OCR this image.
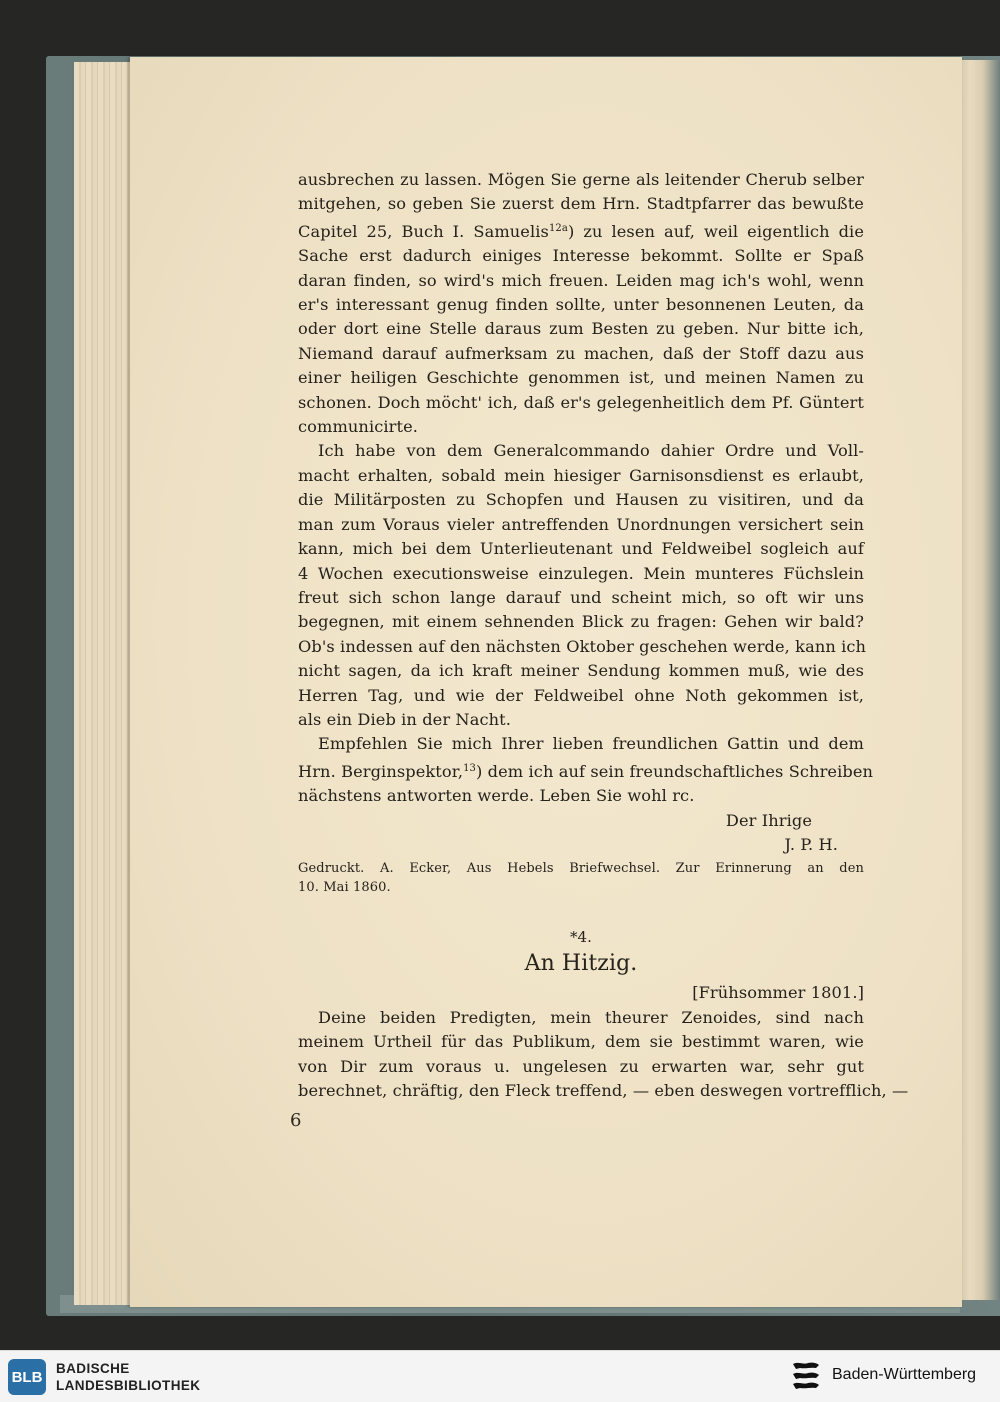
ausbrechen zu lassen. Mögen Sie gerne als leitender Cherub selber
mitgehen, so geben Sie zuerst dem Hrn. Stadtpfarrer das bewußte
Capitel 25, Buch I. Samuelis$^{12a}$) zu lesen auf, weil eigentlich die
Sache erst dadurch einiges Interesse bekommt. Sollte er Spaß
daran finden, so wird's mich freuen. Leiden mag ich's wohl, wenn
er's interessant genug finden sollte, unter besonnenen Leuten, da
oder dort eine Stelle daraus zum Besten zu geben. Nur bitte ich,
Niemand darauf aufmerksam zu machen, daß der Stoff dazu aus
einer heiligen Geschichte genommen ist, und meinen Namen zu
schonen. Doch möcht' ich, daß er's gelegenheitlich dem Pf. Güntert
communicirte.
Ich habe von dem Generalcommando dahier Ordre und Voll-
macht erhalten, sobald mein hiesiger Garnisonsdienst es erlaubt,
die Militärposten zu Schopfen und Hausen zu visitiren, und da
man zum Voraus vieler antreffenden Unordnungen versichert sein
kann, mich bei dem Unterlieutenant und Feldweibel sogleich auf
4 Wochen executionsweise einzulegen. Mein munteres Füchslein
freut sich schon lange darauf und scheint mich, so oft wir uns
begegnen, mit einem sehnenden Blick zu fragen: Gehen wir bald?
Ob's indessen auf den nächsten Oktober geschehen werde, kann ich
nicht sagen, da ich kraft meiner Sendung kommen muß, wie des
Herren Tag, und wie der Feldweibel ohne Noth gekommen ist,
als ein Dieb in der Nacht.
Empfehlen Sie mich Ihrer lieben freundlichen Gattin und dem
Hrn. Berginspektor,$^{13}$) dem ich auf sein freundschaftliches Schreiben
nächstens antworten werde. Leben Sie wohl rc.
Der Ihrige
J. P. H.
Gedruckt. A. Ecker, Aus Hebels Briefwechsel. Zur Erinnerung an den
10. Mai 1860.
*4.
An Hitzig.
[Frühsommer 1801.]
Deine beiden Predigten, mein theurer Zenoides, sind nach
meinem Urtheil für das Publikum, dem sie bestimmt waren, wie
von Dir zum voraus u. ungelesen zu erwarten war, sehr gut
berechnet, chräftig, den Fleck treffend, — eben deswegen vortrefflich, —
6
BLB BADISCHE
LANDESBIBLIOTHEK
Baden-Württemberg
